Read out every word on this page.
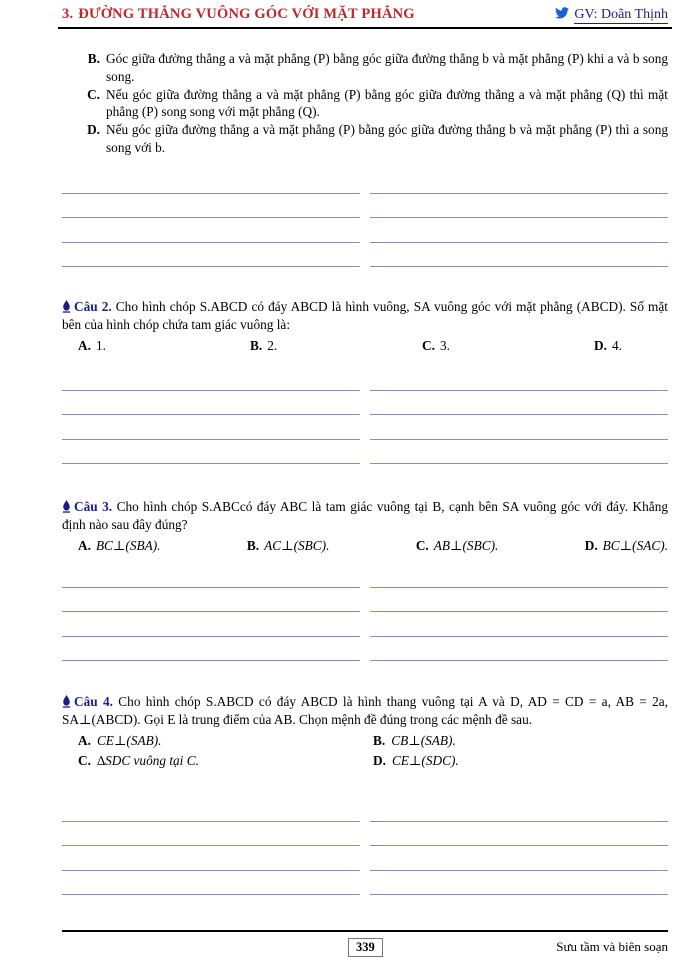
3. ĐƯỜNG THẲNG VUÔNG GÓC VỚI MẶT PHẲNG	GV: Doãn Thịnh
B. Góc giữa đường thẳng a và mặt phẳng (P) bằng góc giữa đường thẳng b và mặt phẳng (P) khi a và b song song.
C. Nếu góc giữa đường thẳng a và mặt phẳng (P) bằng góc giữa đường thẳng a và mặt phẳng (Q) thì mặt phẳng (P) song song với mặt phẳng (Q).
D. Nếu góc giữa đường thẳng a và mặt phẳng (P) bằng góc giữa đường thẳng b và mặt phẳng (P) thì a song song với b.
Câu 2. Cho hình chóp S.ABCD có đáy ABCD là hình vuông, SA vuông góc với mặt phẳng (ABCD). Số mặt bên của hình chóp chứa tam giác vuông là:
A. 1.	B. 2.	C. 3.	D. 4.
Câu 3. Cho hình chóp S.ABCcó đáy ABC là tam giác vuông tại B, cạnh bên SA vuông góc với đáy. Khẳng định nào sau đây đúng?
A. BC⊥(SBA).	B. AC⊥(SBC).	C. AB⊥(SBC).	D. BC⊥(SAC).
Câu 4. Cho hình chóp S.ABCD có đáy ABCD là hình thang vuông tại A và D, AD = CD = a, AB = 2a, SA⊥(ABCD). Gọi E là trung điểm của AB. Chọn mệnh đề đúng trong các mệnh đề sau.
A. CE⊥(SAB).	B. CB⊥(SAB).
C. ∆SDC vuông tại C.	D. CE⊥(SDC).
339	Sưu tầm và biên soạn
